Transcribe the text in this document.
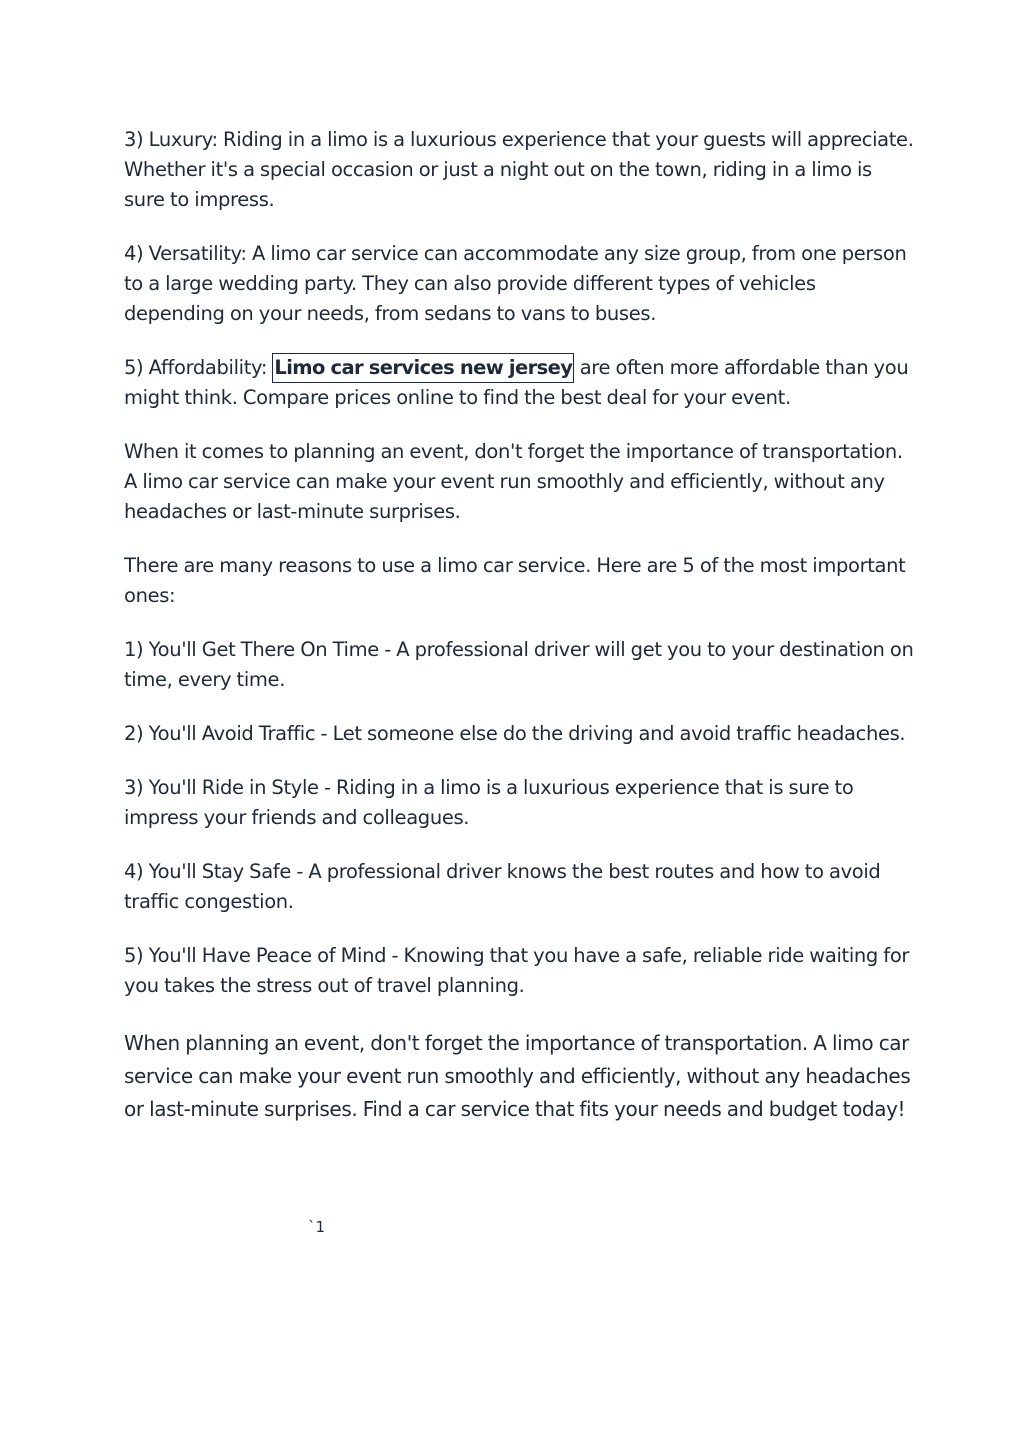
3) Luxury: Riding in a limo is a luxurious experience that your guests will appreciate. Whether it's a special occasion or just a night out on the town, riding in a limo is sure to impress.

4) Versatility: A limo car service can accommodate any size group, from one person to a large wedding party. They can also provide different types of vehicles depending on your needs, from sedans to vans to buses.

5) Affordability: Limo car services new jersey are often more affordable than you might think. Compare prices online to find the best deal for your event.

When it comes to planning an event, don't forget the importance of transportation. A limo car service can make your event run smoothly and efficiently, without any headaches or last-minute surprises.

There are many reasons to use a limo car service. Here are 5 of the most important ones:

1) You'll Get There On Time - A professional driver will get you to your destination on time, every time.

2) You'll Avoid Traffic - Let someone else do the driving and avoid traffic headaches.

3) You'll Ride in Style - Riding in a limo is a luxurious experience that is sure to impress your friends and colleagues.

4) You'll Stay Safe - A professional driver knows the best routes and how to avoid traffic congestion.

5) You'll Have Peace of Mind - Knowing that you have a safe, reliable ride waiting for you takes the stress out of travel planning.

When planning an event, don't forget the importance of transportation. A limo car service can make your event run smoothly and efficiently, without any headaches or last-minute surprises. Find a car service that fits your needs and budget today!

`1
